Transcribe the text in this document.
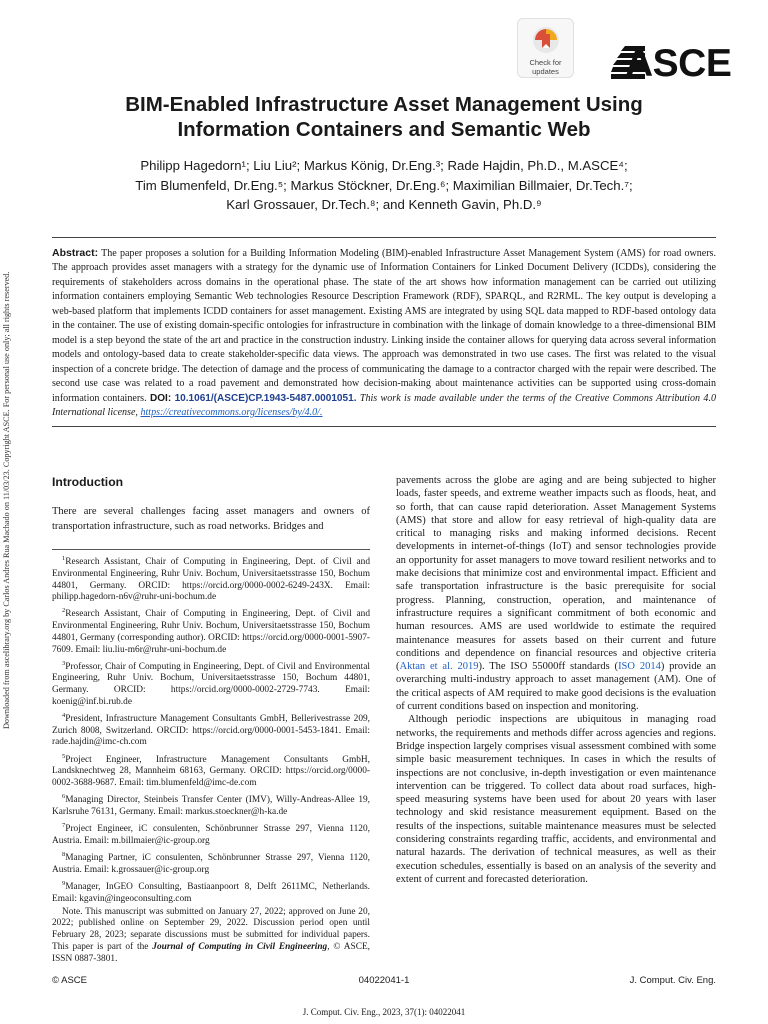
Downloaded from ascelibrary.org by Carlos Andres Rua Machado on 11/03/23. Copyright ASCE. For personal use only; all rights reserved.
Check for
updates ASCE
BIM-Enabled Infrastructure Asset Management Using
Information Containers and Semantic Web
Philipp Hagedorn¹; Liu Liu²; Markus König, Dr.Eng.³; Rade Hajdin, Ph.D., M.ASCE⁴;
Tim Blumenfeld, Dr.Eng.⁵; Markus Stöckner, Dr.Eng.⁶; Maximilian Billmaier, Dr.Tech.⁷;
Karl Grossauer, Dr.Tech.⁸; and Kenneth Gavin, Ph.D.⁹

Abstract: The paper proposes a solution for a Building Information Modeling (BIM)-enabled Infrastructure Asset Management System (AMS) for road owners. The approach provides asset managers with a strategy for the dynamic use of Information Containers for Linked Document Delivery (ICDDs), considering the requirements of stakeholders across domains in the operational phase. The state of the art shows how information management can be carried out utilizing information containers employing Semantic Web technologies Resource Description Framework (RDF), SPARQL, and R2RML. The key output is developing a web-based platform that implements ICDD containers for asset management. Existing AMS are integrated by using SQL data mapped to RDF-based ontology data in the container. The use of existing domain-specific ontologies for infrastructure in combination with the linkage of domain knowledge to a three-dimensional BIM model is a step beyond the state of the art and practice in the construction industry. Linking inside the container allows for querying data across several information models and ontology-based data to create stakeholder-specific data views. The approach was demonstrated in two use cases. The first was related to the visual inspection of a concrete bridge. The detection of damage and the process of communicating the damage to a contractor charged with the repair were described. The second use case was related to a road pavement and demonstrated how decision-making about maintenance activities can be supported using cross-domain information containers. DOI: 10.1061/(ASCE)CP.1943-5487.0001051. This work is made available under the terms of the Creative Commons Attribution 4.0 International license, https://creativecommons.org/licenses/by/4.0/.

Introduction

There are several challenges facing asset managers and owners of transportation infrastructure, such as road networks. Bridges and

$^1$Research Assistant, Chair of Computing in Engineering, Dept. of Civil and Environmental Engineering, Ruhr Univ. Bochum, Universitaetsstrasse 150, Bochum 44801, Germany. ORCID: https://orcid.org/0000-0002-6249-243X. Email: philipp.hagedorn-n6v@ruhr-uni-bochum.de

$^2$Research Assistant, Chair of Computing in Engineering, Dept. of Civil and Environmental Engineering, Ruhr Univ. Bochum, Universitaetsstrasse 150, Bochum 44801, Germany (corresponding author). ORCID: https://orcid.org/0000-0001-5907-7609. Email: liu.liu-m6r@ruhr-uni-bochum.de

$^3$Professor, Chair of Computing in Engineering, Dept. of Civil and Environmental Engineering, Ruhr Univ. Bochum, Universitaetsstrasse 150, Bochum 44801, Germany. ORCID: https://orcid.org/0000-0002-2729-7743. Email: koenig@inf.bi.rub.de

$^4$President, Infrastructure Management Consultants GmbH, Bellerivestrasse 209, Zurich 8008, Switzerland. ORCID: https://orcid.org/0000-0001-5453-1841. Email: rade.hajdin@imc-ch.com

$^5$Project Engineer, Infrastructure Management Consultants GmbH, Landsknechtweg 28, Mannheim 68163, Germany. ORCID: https://orcid.org/0000-0002-3688-9687. Email: tim.blumenfeld@imc-de.com

$^6$Managing Director, Steinbeis Transfer Center (IMV), Willy-Andreas-Allee 19, Karlsruhe 76131, Germany. Email: markus.stoeckner@h-ka.de

$^7$Project Engineer, iC consulenten, Schönbrunner Strasse 297, Vienna 1120, Austria. Email: m.billmaier@ic-group.org

$^8$Managing Partner, iC consulenten, Schönbrunner Strasse 297, Vienna 1120, Austria. Email: k.grossauer@ic-group.org

$^9$Manager, InGEO Consulting, Bastiaanpoort 8, Delft 2611MC, Netherlands. Email: kgavin@ingeoconsulting.com

Note. This manuscript was submitted on January 27, 2022; approved on June 20, 2022; published online on September 29, 2022. Discussion period open until February 28, 2023; separate discussions must be submitted for individual papers. This paper is part of the Journal of Computing in Civil Engineering, © ASCE, ISSN 0887-3801.

pavements across the globe are aging and are being subjected to higher loads, faster speeds, and extreme weather impacts such as floods, heat, and so forth, that can cause rapid deterioration. Asset Management Systems (AMS) that store and allow for easy retrieval of high-quality data are critical to managing risks and making informed decisions. Recent developments in internet-of-things (IoT) and sensor technologies provide an opportunity for asset managers to move toward resilient networks and to make decisions that minimize cost and environmental impact. Efficient and safe transportation infrastructure is the basic prerequisite for social progress. Planning, construction, operation, and maintenance of infrastructure requires a significant commitment of both economic and human resources. AMS are used worldwide to estimate the required maintenance measures for assets based on their current and future conditions and dependence on financial resources and objective criteria (Aktan et al. 2019). The ISO 55000ff standards (ISO 2014) provide an overarching multi-industry approach to asset management (AM). One of the critical aspects of AM required to make good decisions is the evaluation of current conditions based on inspection and monitoring.

Although periodic inspections are ubiquitous in managing road networks, the requirements and methods differ across agencies and regions. Bridge inspection largely comprises visual assessment combined with some simple basic measurement techniques. In cases in which the results of inspections are not conclusive, in-depth investigation or even maintenance intervention can be triggered. To collect data about road surfaces, high-speed measuring systems have been used for about 20 years with laser technology and skid resistance measurement equipment. Based on the results of the inspections, suitable maintenance measures must be selected considering constraints regarding traffic, accidents, and environmental and natural hazards. The derivation of technical measures, as well as their execution schedules, essentially is based on an analysis of the severity and extent of current and forecasted deterioration.

© ASCE	04022041-1	J. Comput. Civ. Eng.
J. Comput. Civ. Eng., 2023, 37(1): 04022041
